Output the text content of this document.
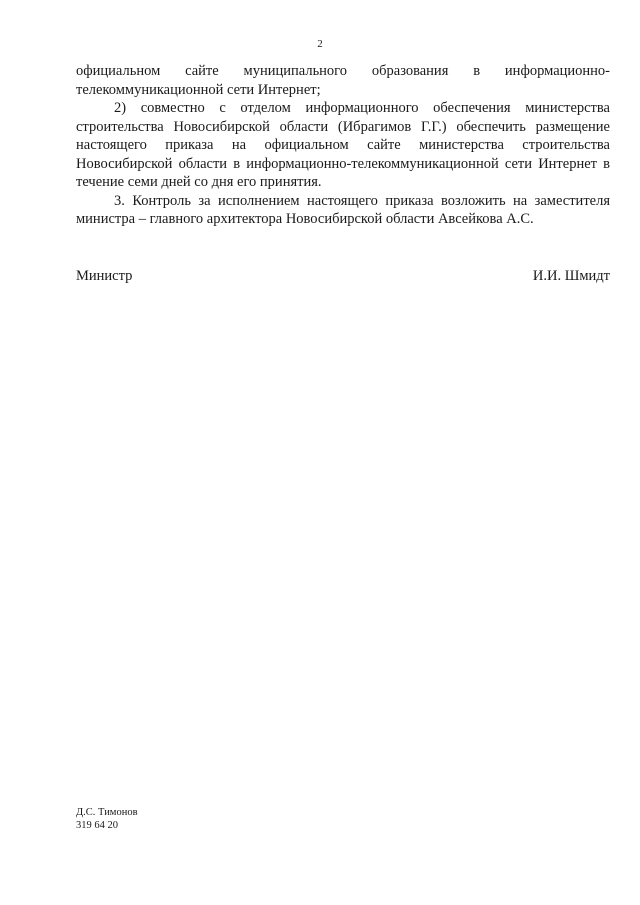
2

официальном сайте муниципального образования в информационно-телекоммуникационной сети Интернет;

2) совместно с отделом информационного обеспечения министерства строительства Новосибирской области (Ибрагимов Г.Г.) обеспечить размещение настоящего приказа на официальном сайте министерства строительства Новосибирской области в информационно-телекоммуникационной сети Интернет в течение семи дней со дня его принятия.

3. Контроль за исполнением настоящего приказа возложить на заместителя министра – главного архитектора Новосибирской области Авсейкова А.С.

Министр	И.И. Шмидт
Д.С. Тимонов
319 64 20
